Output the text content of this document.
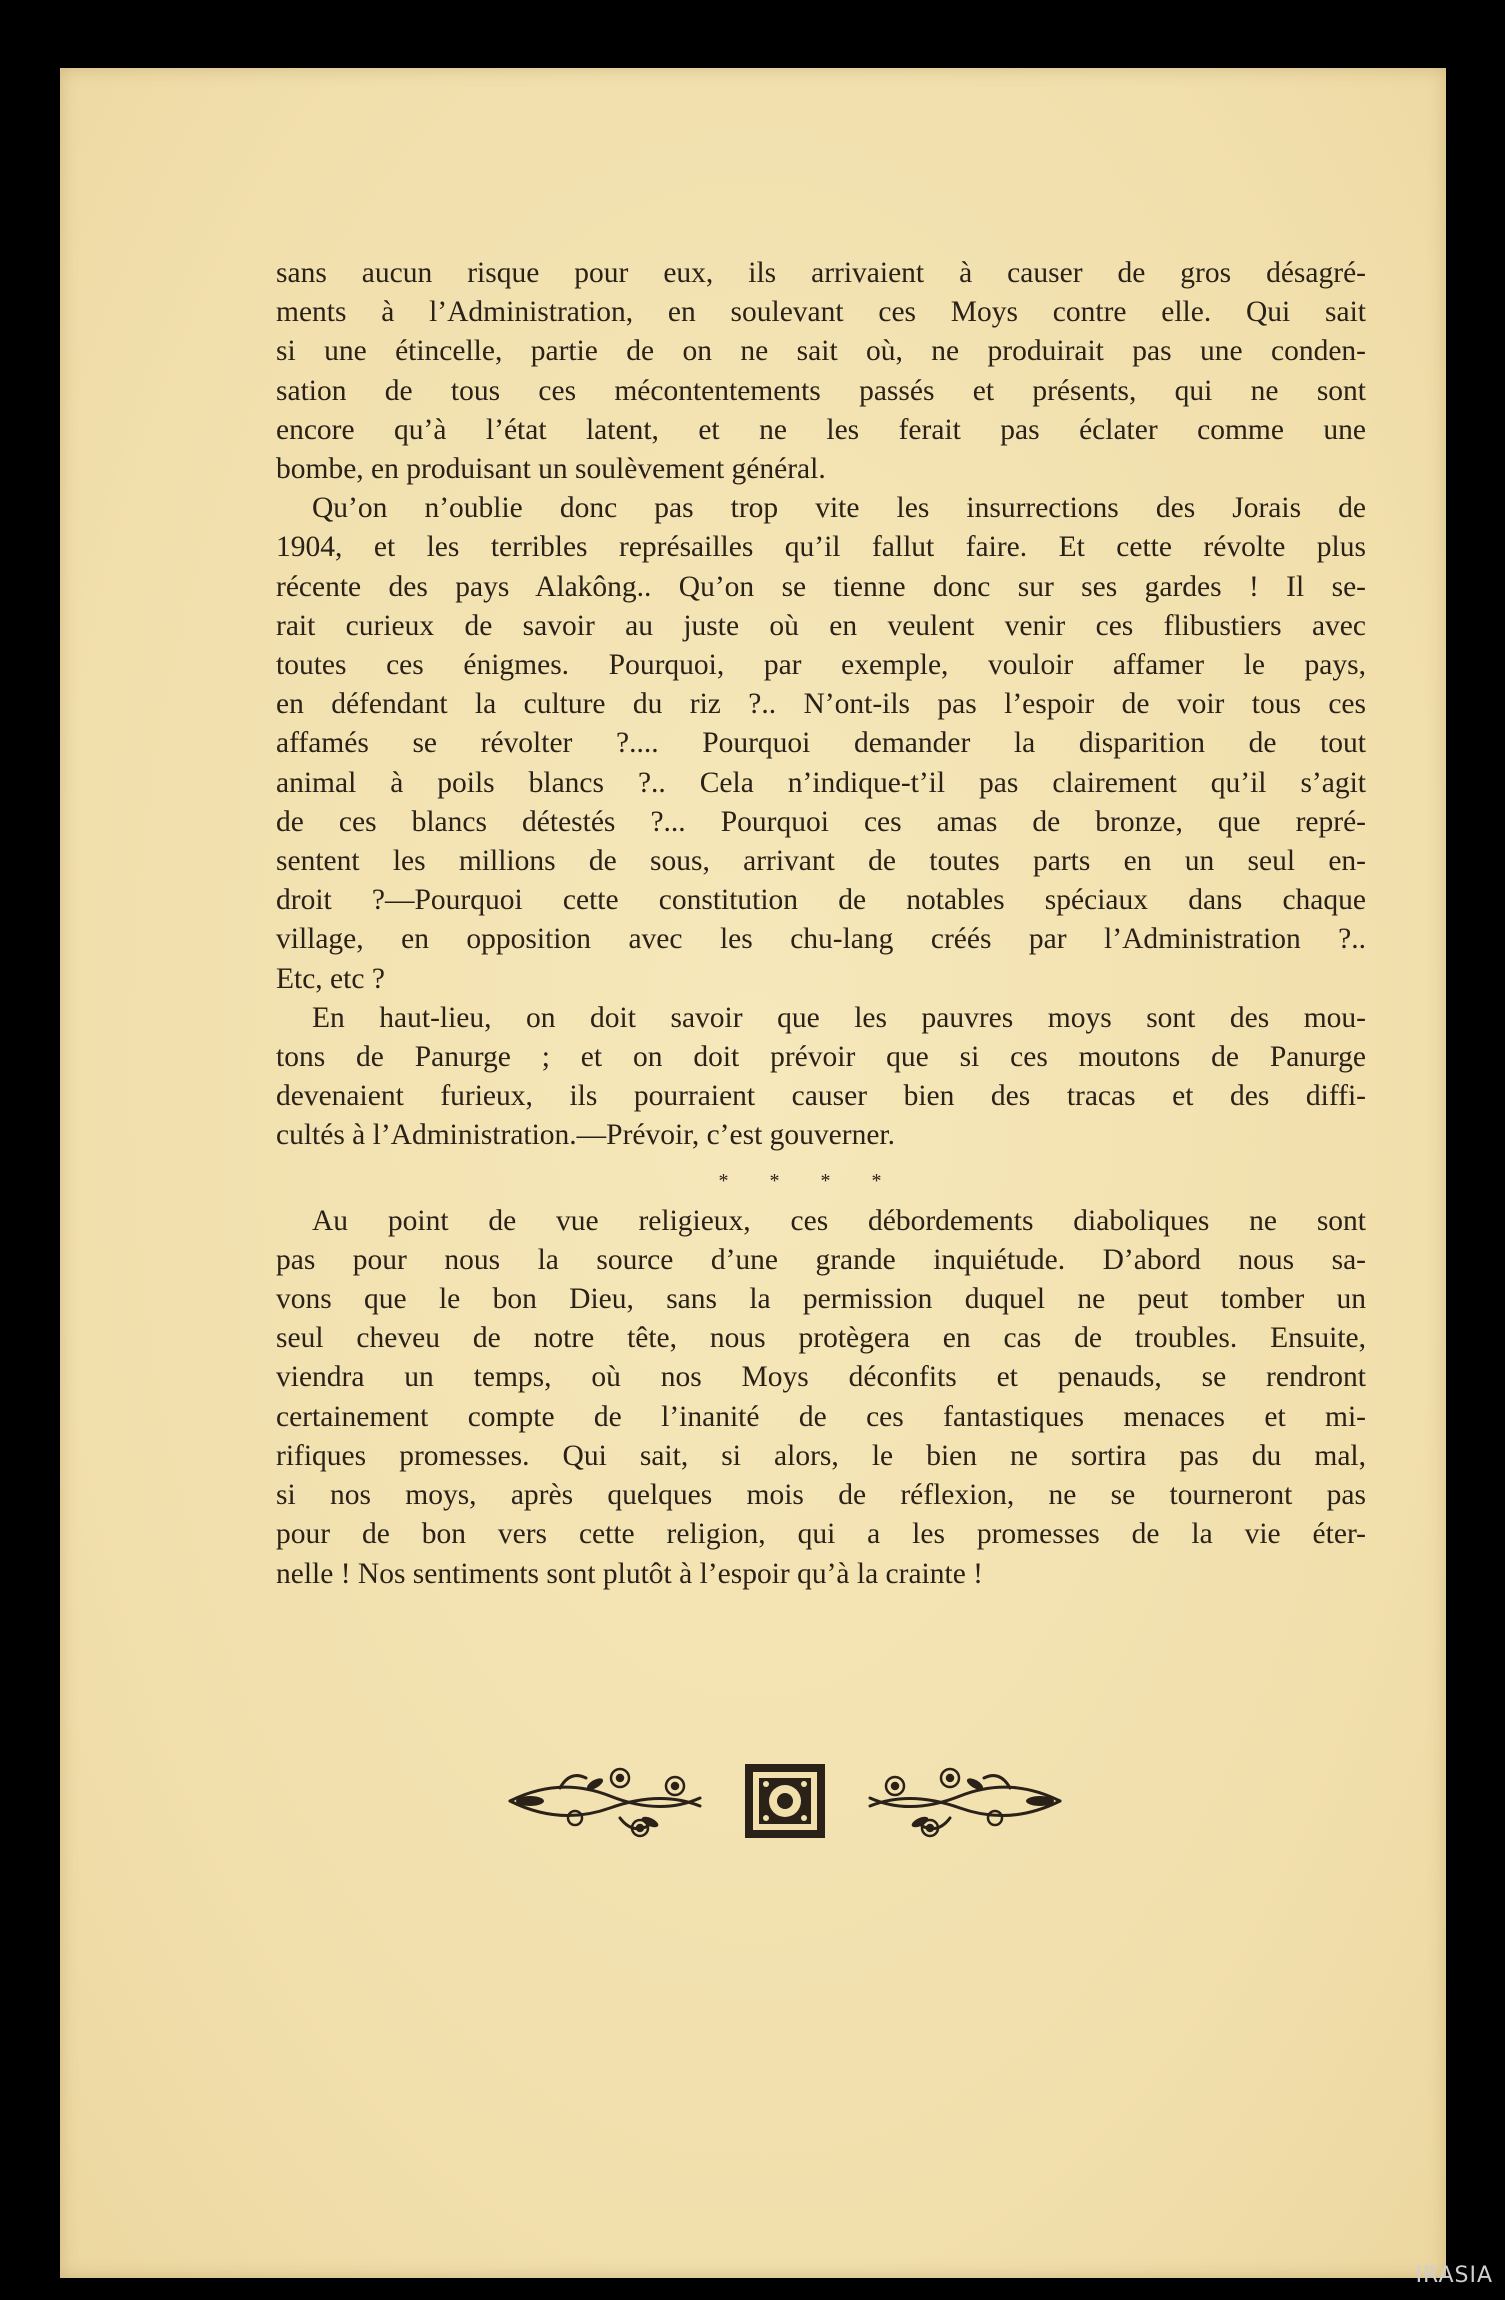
sans aucun risque pour eux, ils arrivaient à causer de gros désagré-
ments à l’Administration, en soulevant ces Moys contre elle. Qui sait
si une étincelle, partie de on ne sait où, ne produirait pas une conden-
sation de tous ces mécontentements passés et présents, qui ne sont
encore qu’à l’état latent, et ne les ferait pas éclater comme une
bombe, en produisant un soulèvement général.

Qu’on n’oublie donc pas trop vite les insurrections des Jorais de
1904, et les terribles représailles qu’il fallut faire. Et cette révolte plus
récente des pays Alakông.. Qu’on se tienne donc sur ses gardes ! Il se-
rait curieux de savoir au juste où en veulent venir ces flibustiers avec
toutes ces énigmes. Pourquoi, par exemple, vouloir affamer le pays,
en défendant la culture du riz ?.. N’ont-ils pas l’espoir de voir tous ces
affamés se révolter ?.... Pourquoi demander la disparition de tout
animal à poils blancs ?.. Cela n’indique-t’il pas clairement qu’il s’agit
de ces blancs détestés ?... Pourquoi ces amas de bronze, que repré-
sentent les millions de sous, arrivant de toutes parts en un seul en-
droit ?—Pourquoi cette constitution de notables spéciaux dans chaque
village, en opposition avec les chu-lang créés par l’Administration ?..
Etc, etc ?

En haut-lieu, on doit savoir que les pauvres moys sont des mou-
tons de Panurge ; et on doit prévoir que si ces moutons de Panurge
devenaient furieux, ils pourraient causer bien des tracas et des diffi-
cultés à l’Administration.—Prévoir, c’est gouverner.

* * * *

Au point de vue religieux, ces débordements diaboliques ne sont
pas pour nous la source d’une grande inquiétude. D’abord nous sa-
vons que le bon Dieu, sans la permission duquel ne peut tomber un
seul cheveu de notre tête, nous protègera en cas de troubles. Ensuite,
viendra un temps, où nos Moys déconfits et penauds, se rendront
certainement compte de l’inanité de ces fantastiques menaces et mi-
rifiques promesses. Qui sait, si alors, le bien ne sortira pas du mal,
si nos moys, après quelques mois de réflexion, ne se tourneront pas
pour de bon vers cette religion, qui a les promesses de la vie éter-
nelle ! Nos sentiments sont plutôt à l’espoir qu’à la crainte !

IRASIA
